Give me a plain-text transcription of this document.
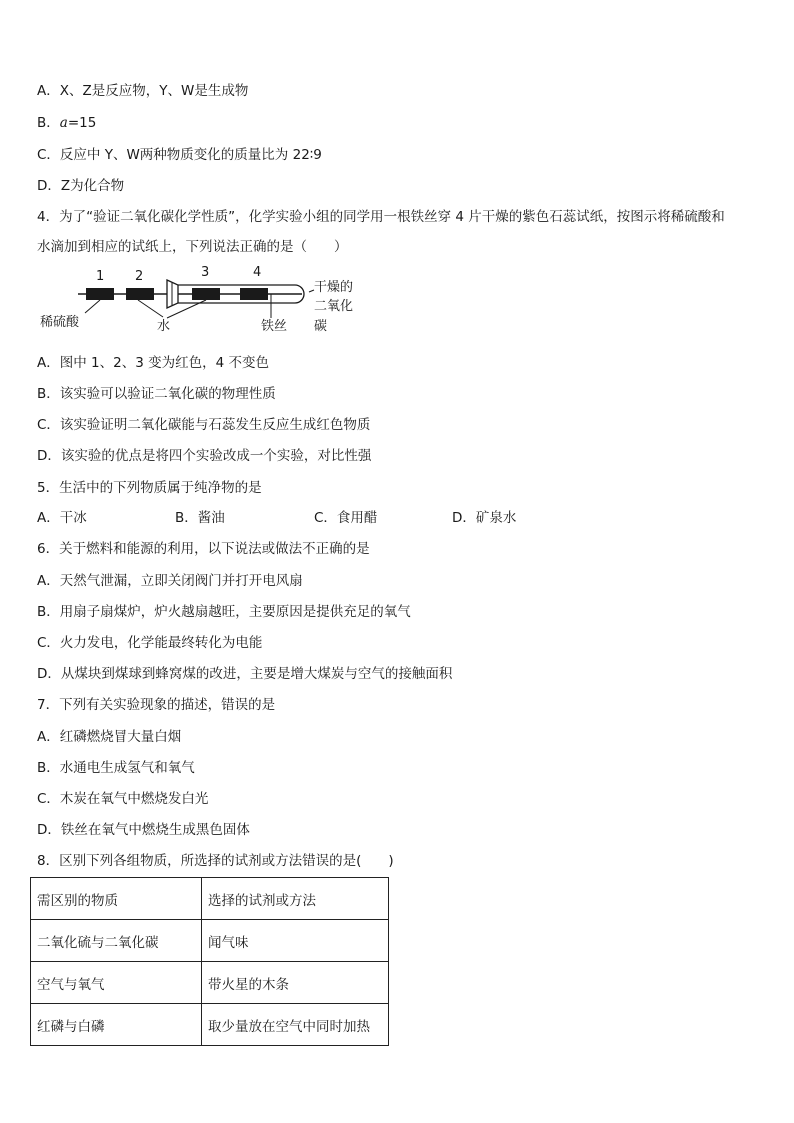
A．X、Z是反应物，Y、W是生成物
B．a=15
C．反应中 Y、W两种物质变化的质量比为 22∶9
D．Z为化合物
4．为了“验证二氧化碳化学性质”，化学实验小组的同学用一根铁丝穿 4 片干燥的紫色石蕊试纸，按图示将稀硫酸和
水滴加到相应的试纸上，下列说法正确的是（　　）
1 2	3	4
稀硫酸	水	铁丝
干燥的
二氧化
碳
A．图中 1、2、3 变为红色，4 不变色
B．该实验可以验证二氧化碳的物理性质
C．该实验证明二氧化碳能与石蕊发生反应生成红色物质
D．该实验的优点是将四个实验改成一个实验，对比性强
5．生活中的下列物质属于纯净物的是
A．干冰	B．酱油	C．食用醋	D．矿泉水
6．关于燃料和能源的利用，以下说法或做法不正确的是
A．天然气泄漏，立即关闭阀门并打开电风扇
B．用扇子扇煤炉，炉火越扇越旺，主要原因是提供充足的氧气
C．火力发电，化学能最终转化为电能
D．从煤块到煤球到蜂窝煤的改进，主要是增大煤炭与空气的接触面积
7．下列有关实验现象的描述，错误的是
A．红磷燃烧冒大量白烟
B．水通电生成氢气和氧气
C．木炭在氧气中燃烧发白光
D．铁丝在氧气中燃烧生成黑色固体
8．区别下列各组物质，所选择的试剂或方法错误的是(　　)
需区别的物质	选择的试剂或方法
二氧化硫与二氧化碳	闻气味
空气与氧气	带火星的木条
红磷与白磷	取少量放在空气中同时加热
